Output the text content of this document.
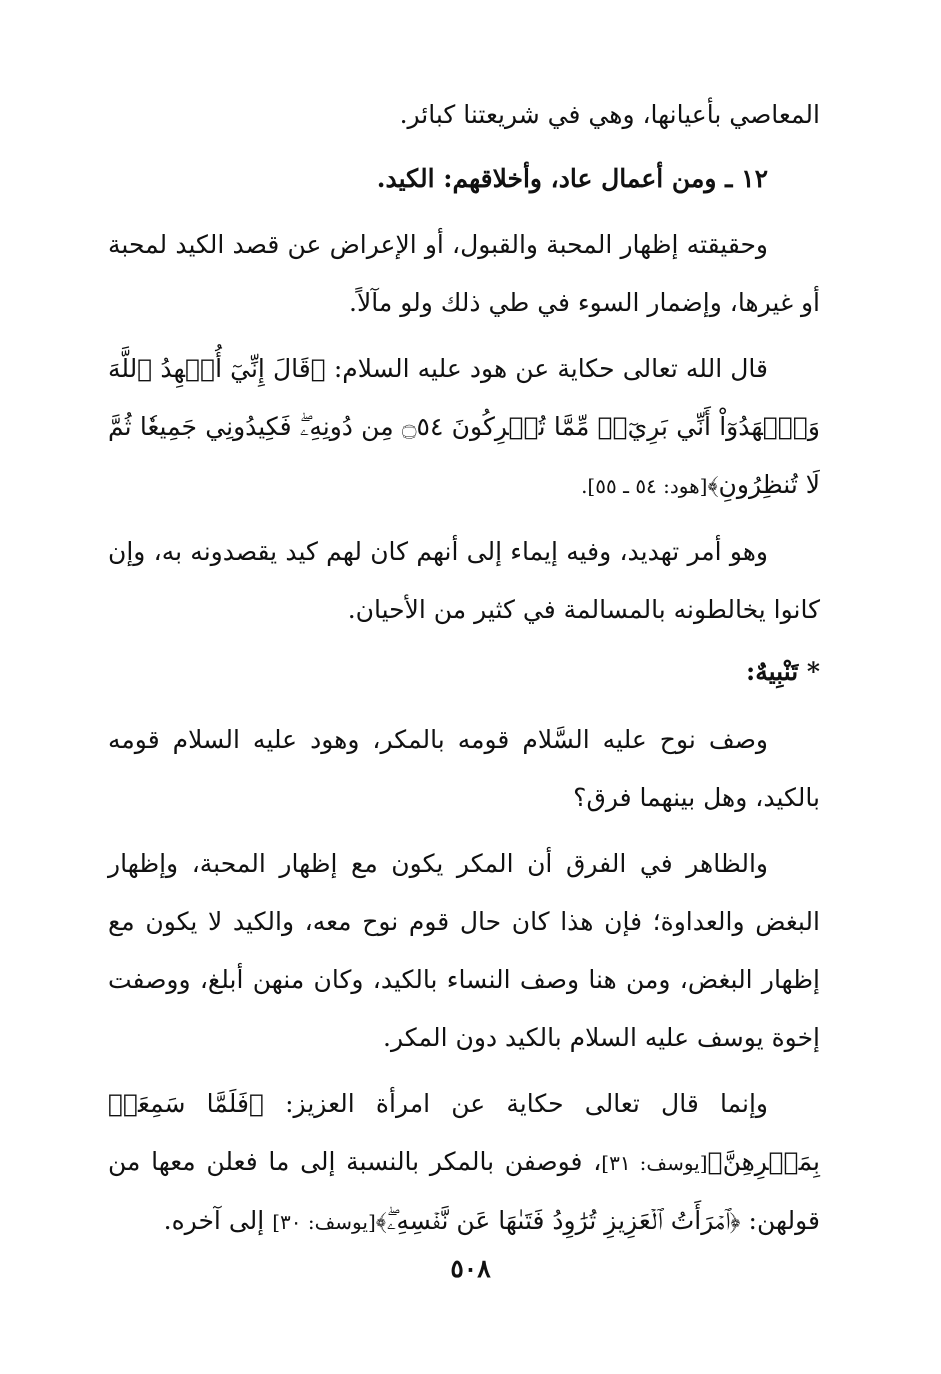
المعاصي بأعيانها، وهي في شريعتنا كبائر.

١٢ ـ ومن أعمال عاد، وأخلاقهم: الكيد.

وحقيقته إظهار المحبة والقبول، أو الإعراض عن قصد الكيد لمحبة أو غيرها، وإضمار السوء في طي ذلك ولو مآلاً.

قال الله تعالى حكاية عن هود عليه السلام: ﴿قَالَ إِنِّيٓ أُشۡهِدُ ٱللَّهَ وَٱشۡهَدُوٓاْ أَنِّي بَرِيٓءٞ مِّمَّا تُشۡرِكُونَ ۝٥٤ مِن دُونِهِۦۖ فَكِيدُونِي جَمِيعٗا ثُمَّ لَا تُنظِرُونِ﴾[هود: ٥٤ ـ ٥٥].

وهو أمر تهديد، وفيه إيماء إلى أنهم كان لهم كيد يقصدونه به، وإن كانوا يخالطونه بالمسالمة في كثير من الأحيان.

* تَنْبِيهٌ:

وصف نوح عليه السَّلام قومه بالمكر، وهود عليه السلام قومه بالكيد، وهل بينهما فرق؟

والظاهر في الفرق أن المكر يكون مع إظهار المحبة، وإظهار البغض والعداوة؛ فإن هذا كان حال قوم نوح معه، والكيد لا يكون مع إظهار البغض، ومن هنا وصف النساء بالكيد، وكان منهن أبلغ، ووصفت إخوة يوسف عليه السلام بالكيد دون المكر.

وإنما قال تعالى حكاية عن امرأة العزيز: ﴿فَلَمَّا سَمِعَتۡ بِمَكۡرِهِنَّ﴾[يوسف: ٣١]، فوصفن بالمكر بالنسبة إلى ما فعلن معها من قولهن: ﴿ٱمۡرَأَتُ ٱلۡعَزِيزِ تُرَٰوِدُ فَتَىٰهَا عَن نَّفۡسِهِۦۖ﴾[يوسف: ٣٠] إلى آخره.

٥٠٨
